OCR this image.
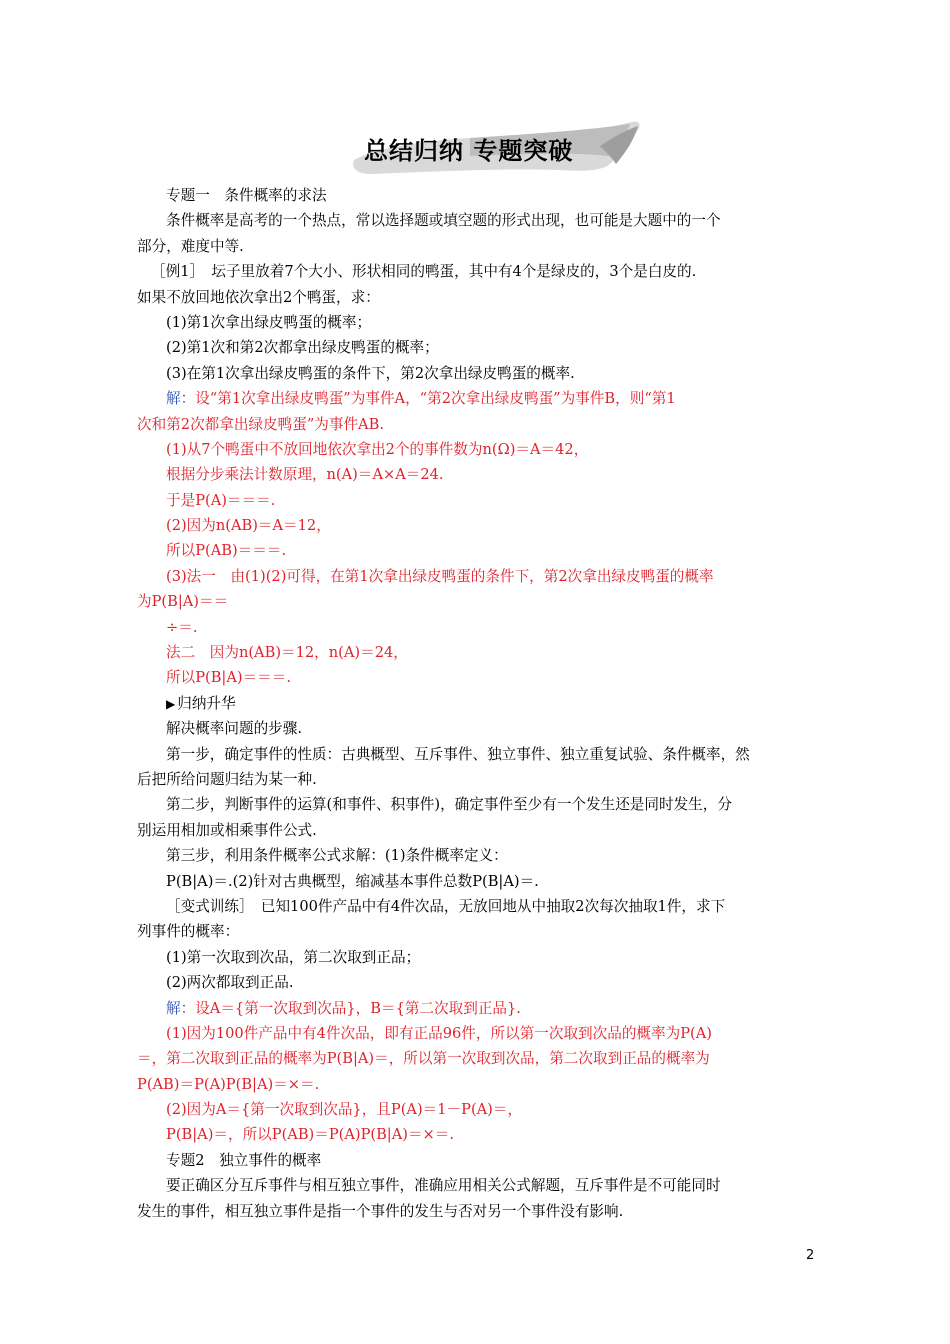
总结归纳 专题突破
专题一　条件概率的求法
条件概率是高考的一个热点，常以选择题或填空题的形式出现，也可能是大题中的一个
部分，难度中等.
［例1］　坛子里放着7个大小、形状相同的鸭蛋，其中有4个是绿皮的，3个是白皮的.
如果不放回地依次拿出2个鸭蛋，求：
(1)第1次拿出绿皮鸭蛋的概率；
(2)第1次和第2次都拿出绿皮鸭蛋的概率；
(3)在第1次拿出绿皮鸭蛋的条件下，第2次拿出绿皮鸭蛋的概率.
解：设“第1次拿出绿皮鸭蛋”为事件A，“第2次拿出绿皮鸭蛋”为事件B，则“第1
次和第2次都拿出绿皮鸭蛋”为事件AB.
(1)从7个鸭蛋中不放回地依次拿出2个的事件数为n(Ω)＝A＝42，
根据分步乘法计数原理，n(A)＝A×A＝24.
于是P(A)＝＝＝.
(2)因为n(AB)＝A＝12，
所以P(AB)＝＝＝.
(3)法一　由(1)(2)可得，在第1次拿出绿皮鸭蛋的条件下，第2次拿出绿皮鸭蛋的概率
为P(B|A)＝＝
÷＝.
法二　因为n(AB)＝12，n(A)＝24，
所以P(B|A)＝＝＝.
▶ 归纳升华
解决概率问题的步骤.
第一步，确定事件的性质：古典概型、互斥事件、独立事件、独立重复试验、条件概率，然
后把所给问题归结为某一种.
第二步，判断事件的运算(和事件、积事件)，确定事件至少有一个发生还是同时发生，分
别运用相加或相乘事件公式.
第三步，利用条件概率公式求解：(1)条件概率定义：
P(B|A)＝.(2)针对古典概型，缩减基本事件总数P(B|A)＝.
［变式训练］　已知100件产品中有4件次品，无放回地从中抽取2次每次抽取1件，求下
列事件的概率：
(1)第一次取到次品，第二次取到正品；
(2)两次都取到正品.
解：设A＝{第一次取到次品}，B＝{第二次取到正品}.
(1)因为100件产品中有4件次品，即有正品96件，所以第一次取到次品的概率为P(A)
＝，第二次取到正品的概率为P(B|A)＝，所以第一次取到次品，第二次取到正品的概率为
P(AB)＝P(A)P(B|A)＝×＝.
(2)因为A＝{第一次取到次品}，且P(A)＝1－P(A)＝，
P(B|A)＝，所以P(AB)＝P(A)P(B|A)＝×＝.
专题2　独立事件的概率
要正确区分互斥事件与相互独立事件，准确应用相关公式解题，互斥事件是不可能同时
发生的事件，相互独立事件是指一个事件的发生与否对另一个事件没有影响.
2
